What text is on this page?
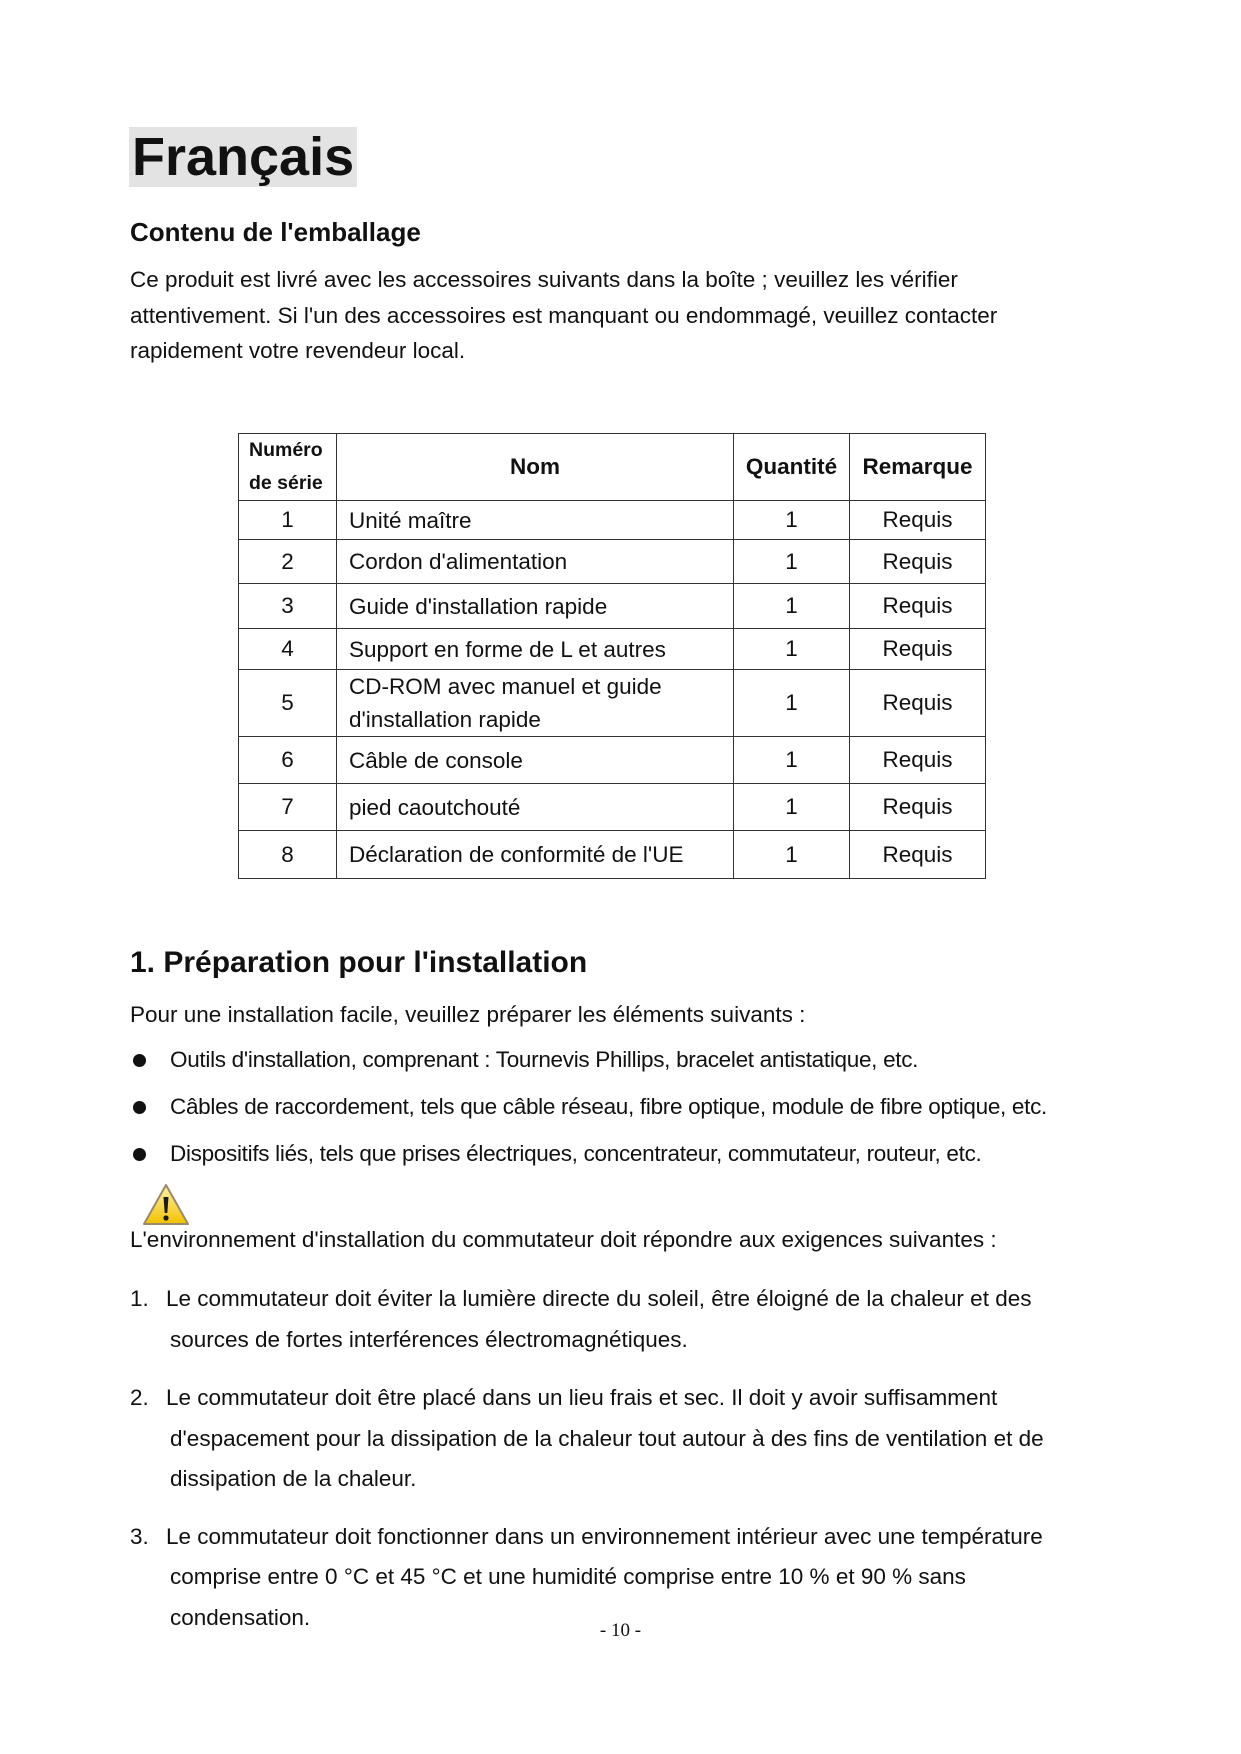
Français
Contenu de l'emballage

Ce produit est livré avec les accessoires suivants dans la boîte ; veuillez les vérifier attentivement. Si l'un des accessoires est manquant ou endommagé, veuillez contacter rapidement votre revendeur local.

Numéro
de série	Nom	Quantité	Remarque
1	Unité maître	1	Requis
2	Cordon d'alimentation	1	Requis
3	Guide d'installation rapide	1	Requis
4	Support en forme de L et autres	1	Requis
5	CD-ROM avec manuel et guide
d'installation rapide	1	Requis
6	Câble de console	1	Requis
7	pied caoutchouté	1	Requis
8	Déclaration de conformité de l'UE	1	Requis
1. Préparation pour l'installation

Pour une installation facile, veuillez préparer les éléments suivants :

Outils d'installation, comprenant : Tournevis Phillips, bracelet antistatique, etc.
Câbles de raccordement, tels que câble réseau, fibre optique, module de fibre optique, etc.
Dispositifs liés, tels que prises électriques, concentrateur, commutateur, routeur, etc.

L'environnement d'installation du commutateur doit répondre aux exigences suivantes :

1. Le commutateur doit éviter la lumière directe du soleil, être éloigné de la chaleur et des sources de fortes interférences électromagnétiques.
2. Le commutateur doit être placé dans un lieu frais et sec. Il doit y avoir suffisamment d'espacement pour la dissipation de la chaleur tout autour à des fins de ventilation et de dissipation de la chaleur.
3. Le commutateur doit fonctionner dans un environnement intérieur avec une température comprise entre 0 °C et 45 °C et une humidité comprise entre 10 % et 90 % sans condensation.
- 10 -
